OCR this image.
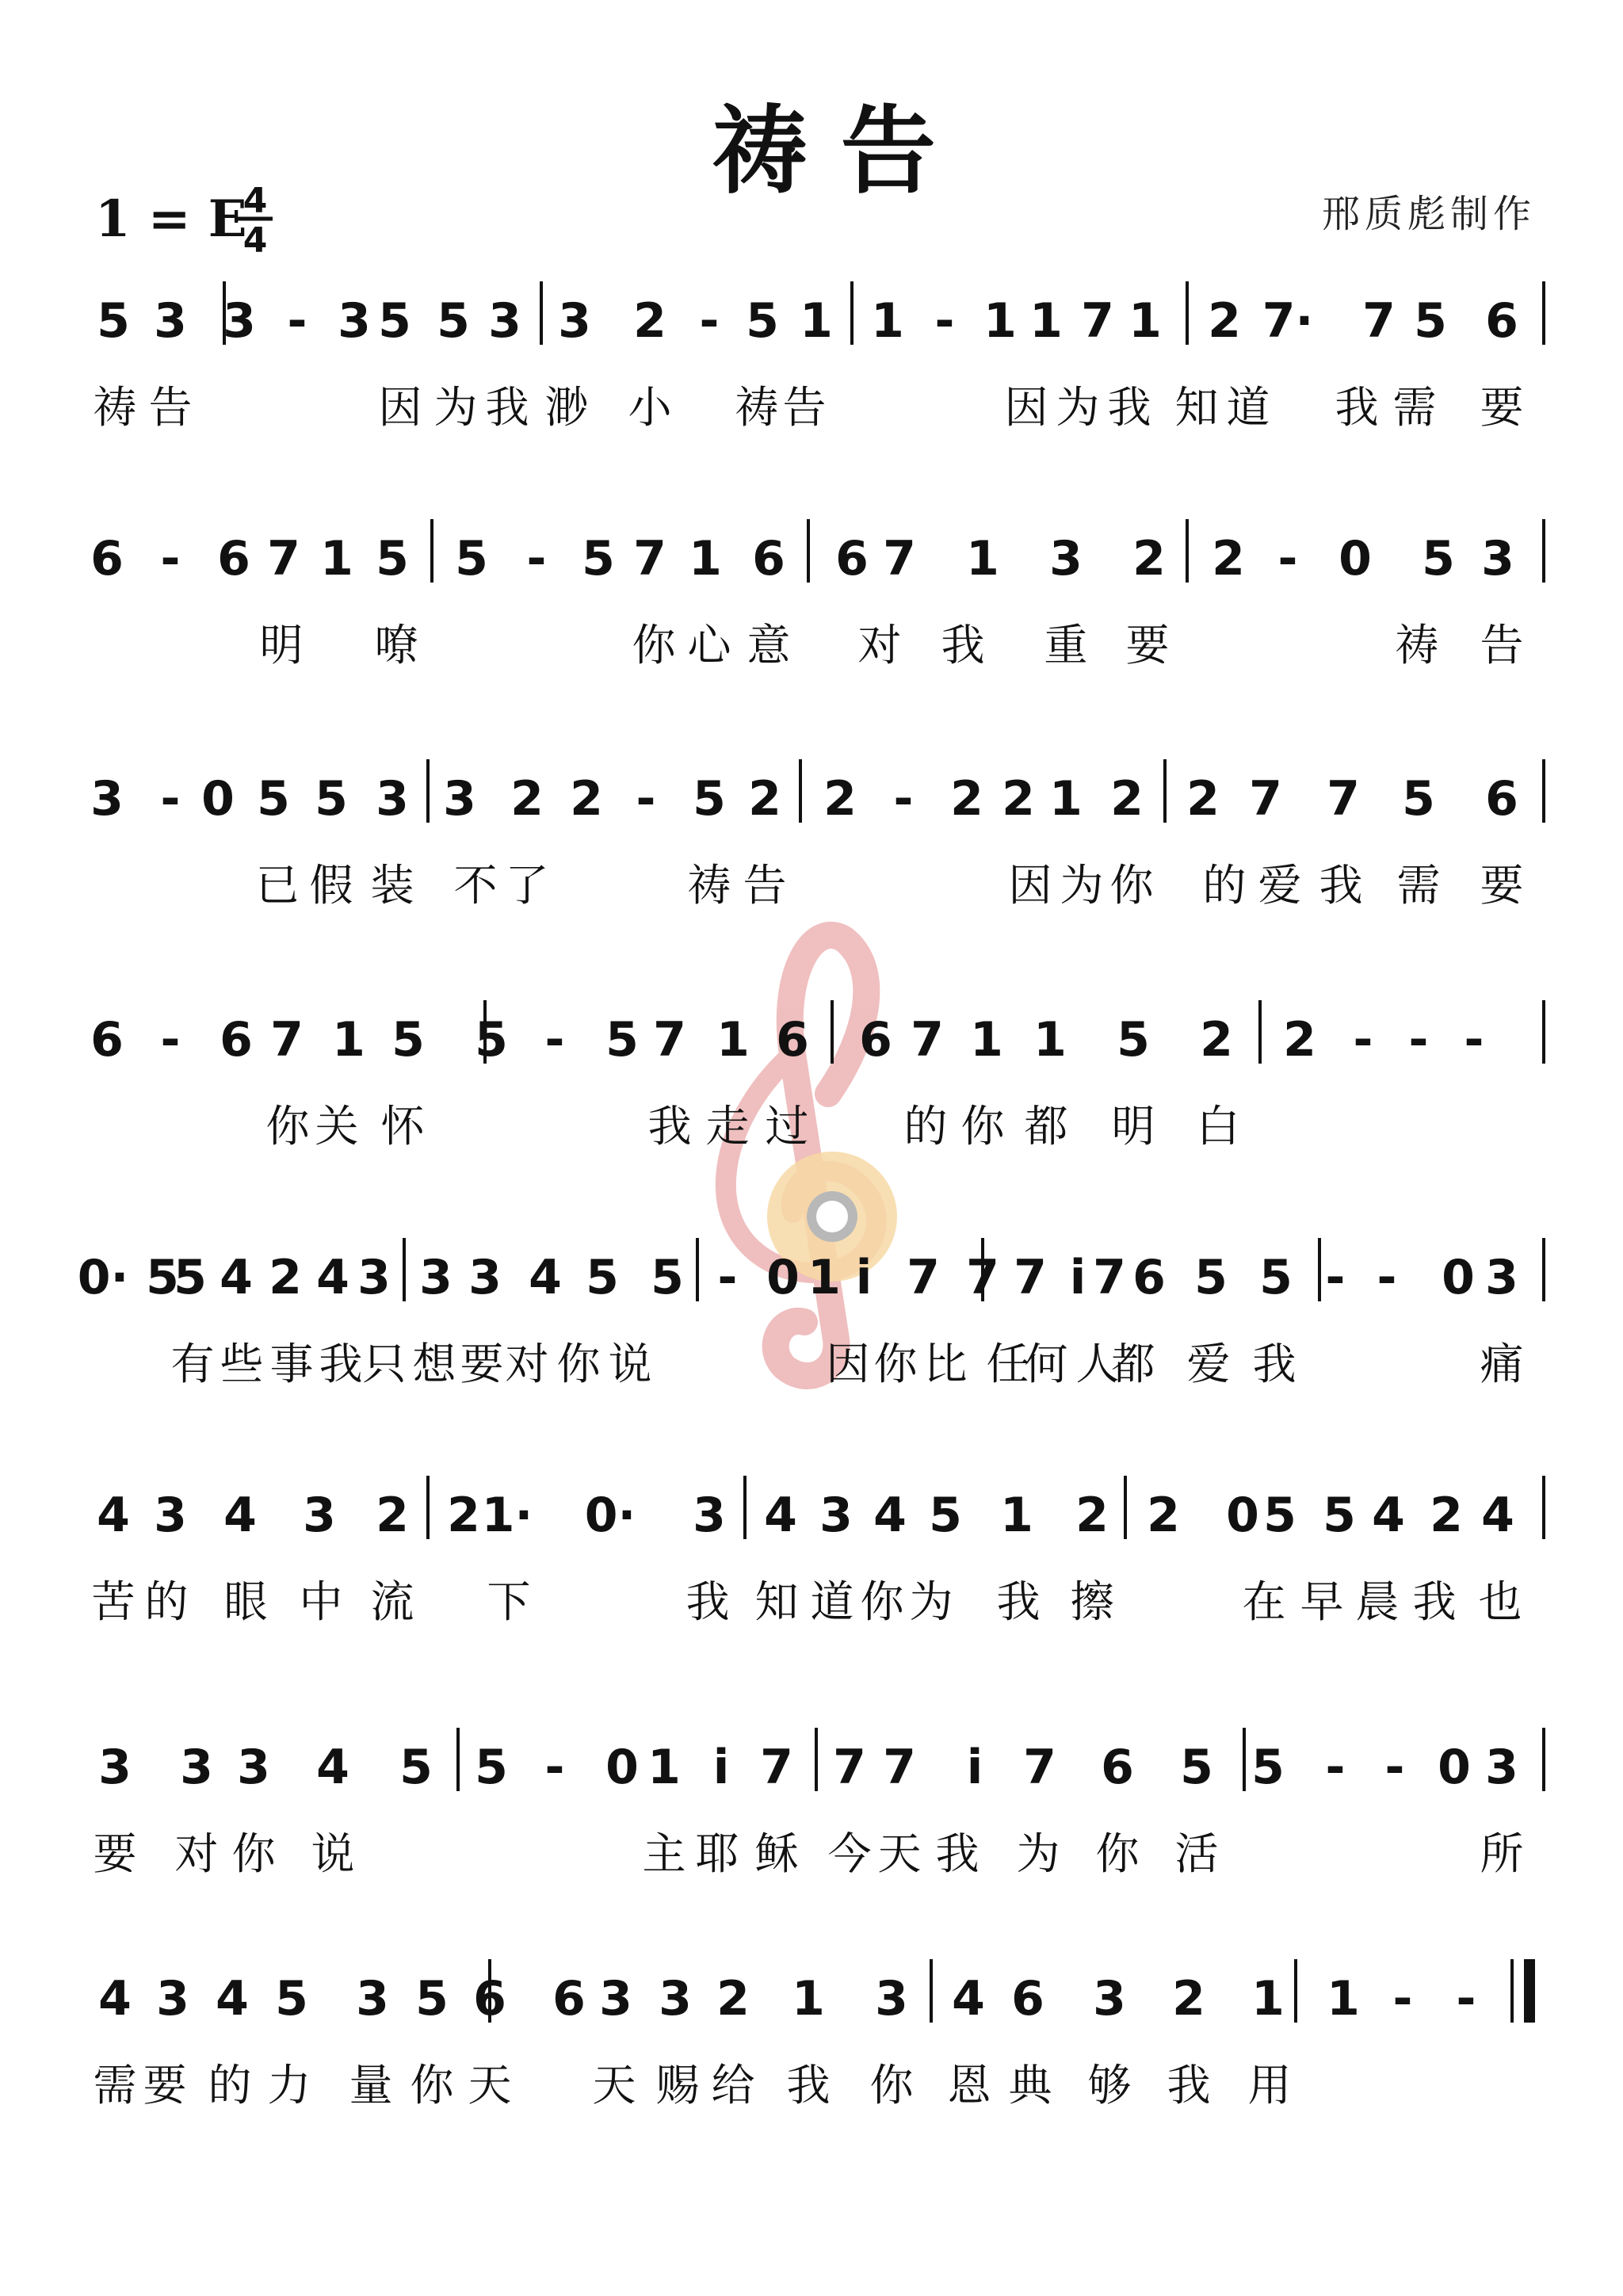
祷 告
1 = E
4
4
邢质彪制作
5 3 3 - 3 5 5 3 3 2 - 5 1 1 - 1 1 7 1 2 7· 7 5 6
祷 告	因 为 我 渺 小 祷 告	因 为 我 知 道 我 需 要
6 - 6 7 1 5 5 - 5 7 1 6 6 7 1 3 2 2 - 0 5 3
明 嘹	你 心 意 对 我 重 要	祷 告
3 - 0 5 5 3 3 2 2 - 5 2 2 - 2 2 1 2 2 7 7 5 6
已 假 装 不 了	祷 告	因 为 你 的 爱 我 需 要
6 - 6 7 1 5 5 - 5 7 1 6 6 7 1 1 5 2 2 - - -
你 关 怀	我 走 过 的 你 都 明 白
0· 5
5 4 2 4 3 3 3 4 5 5 - 0 1 i 7 7 7 i 7 6 5 5 - - 0 3
有 些 事 我 只 想 要 对 你 说	因 你 比 任
何 人
都 爱 我	痛
4 3 4 3 2 2 1· 0· 3 4 3 4 5 1 2 2 0 5 5 4 2 4
苦 的 眼 中 流 下	我 知 道 你 为 我 擦	在 早 晨 我 也
3 3 3 4 5 5 - 0 1 i 7 7 7 i 7 6 5 5 - - 0 3
要 对 你 说	主 耶 稣 今 天 我 为 你 活	所
4 3 4 5 3 5 6 6 3 3 2 1 3 4 6 3 2 1 1 - -
需 要 的 力 量 你 天 天 赐 给 我 你 恩 典 够 我 用
